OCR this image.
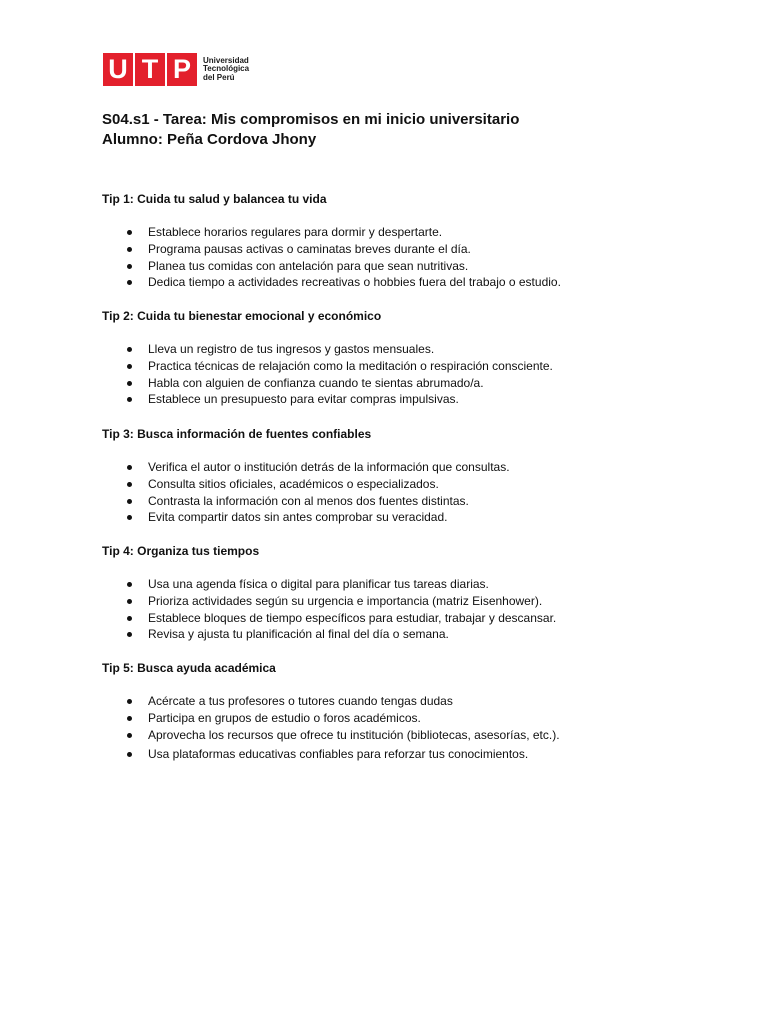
U T P	Universidad
Tecnológica
del Perú
S04.s1 - Tarea: Mis compromisos en mi inicio universitario
Alumno: Peña Cordova Jhony
Tip 1: Cuida tu salud y balancea tu vida
Establece horarios regulares para dormir y despertarte.
Programa pausas activas o caminatas breves durante el día.
Planea tus comidas con antelación para que sean nutritivas.
Dedica tiempo a actividades recreativas o hobbies fuera del trabajo o estudio.
Tip 2: Cuida tu bienestar emocional y económico
Lleva un registro de tus ingresos y gastos mensuales.
Practica técnicas de relajación como la meditación o respiración consciente.
Habla con alguien de confianza cuando te sientas abrumado/a.
Establece un presupuesto para evitar compras impulsivas.
Tip 3: Busca información de fuentes confiables
Verifica el autor o institución detrás de la información que consultas.
Consulta sitios oficiales, académicos o especializados.
Contrasta la información con al menos dos fuentes distintas.
Evita compartir datos sin antes comprobar su veracidad.
Tip 4: Organiza tus tiempos
Usa una agenda física o digital para planificar tus tareas diarias.
Prioriza actividades según su urgencia e importancia (matriz Eisenhower).
Establece bloques de tiempo específicos para estudiar, trabajar y descansar.
Revisa y ajusta tu planificación al final del día o semana.
Tip 5: Busca ayuda académica
Acércate a tus profesores o tutores cuando tengas dudas
Participa en grupos de estudio o foros académicos.
Aprovecha los recursos que ofrece tu institución (bibliotecas, asesorías, etc.).
Usa plataformas educativas confiables para reforzar tus conocimientos.
